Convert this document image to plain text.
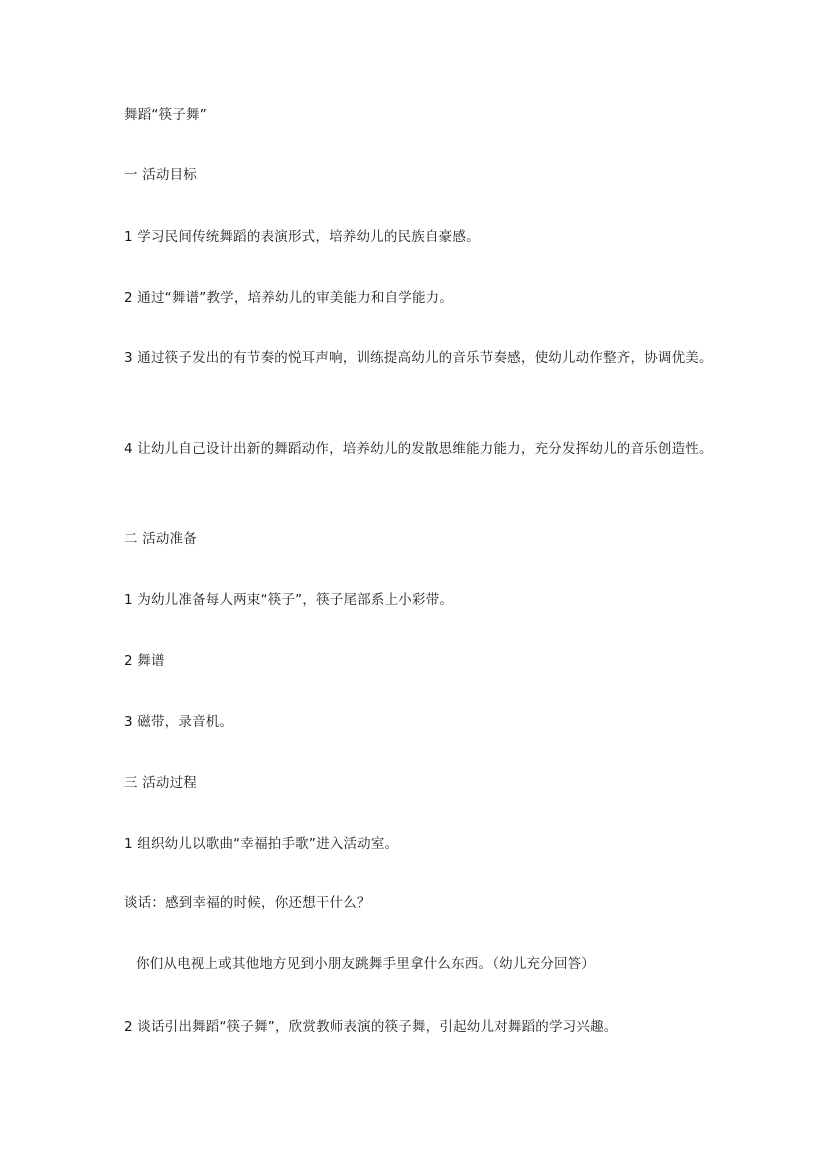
舞蹈“筷子舞”
一 活动目标
1 学习民间传统舞蹈的表演形式，培养幼儿的民族自豪感。
2 通过“舞谱”教学，培养幼儿的审美能力和自学能力。
3 通过筷子发出的有节奏的悦耳声响，训练提高幼儿的音乐节奏感，使幼儿动作整齐，协调优美。
4 让幼儿自己设计出新的舞蹈动作，培养幼儿的发散思维能力能力，充分发挥幼儿的音乐创造性。
二 活动准备
1 为幼儿准备每人两束“筷子”，筷子尾部系上小彩带。
2 舞谱
3 磁带，录音机。
三 活动过程
1 组织幼儿以歌曲“幸福拍手歌”进入活动室。
谈话：感到幸福的时候，你还想干什么？
你们从电视上或其他地方见到小朋友跳舞手里拿什么东西。（幼儿充分回答）
2 谈话引出舞蹈“筷子舞”，欣赏教师表演的筷子舞，引起幼儿对舞蹈的学习兴趣。
